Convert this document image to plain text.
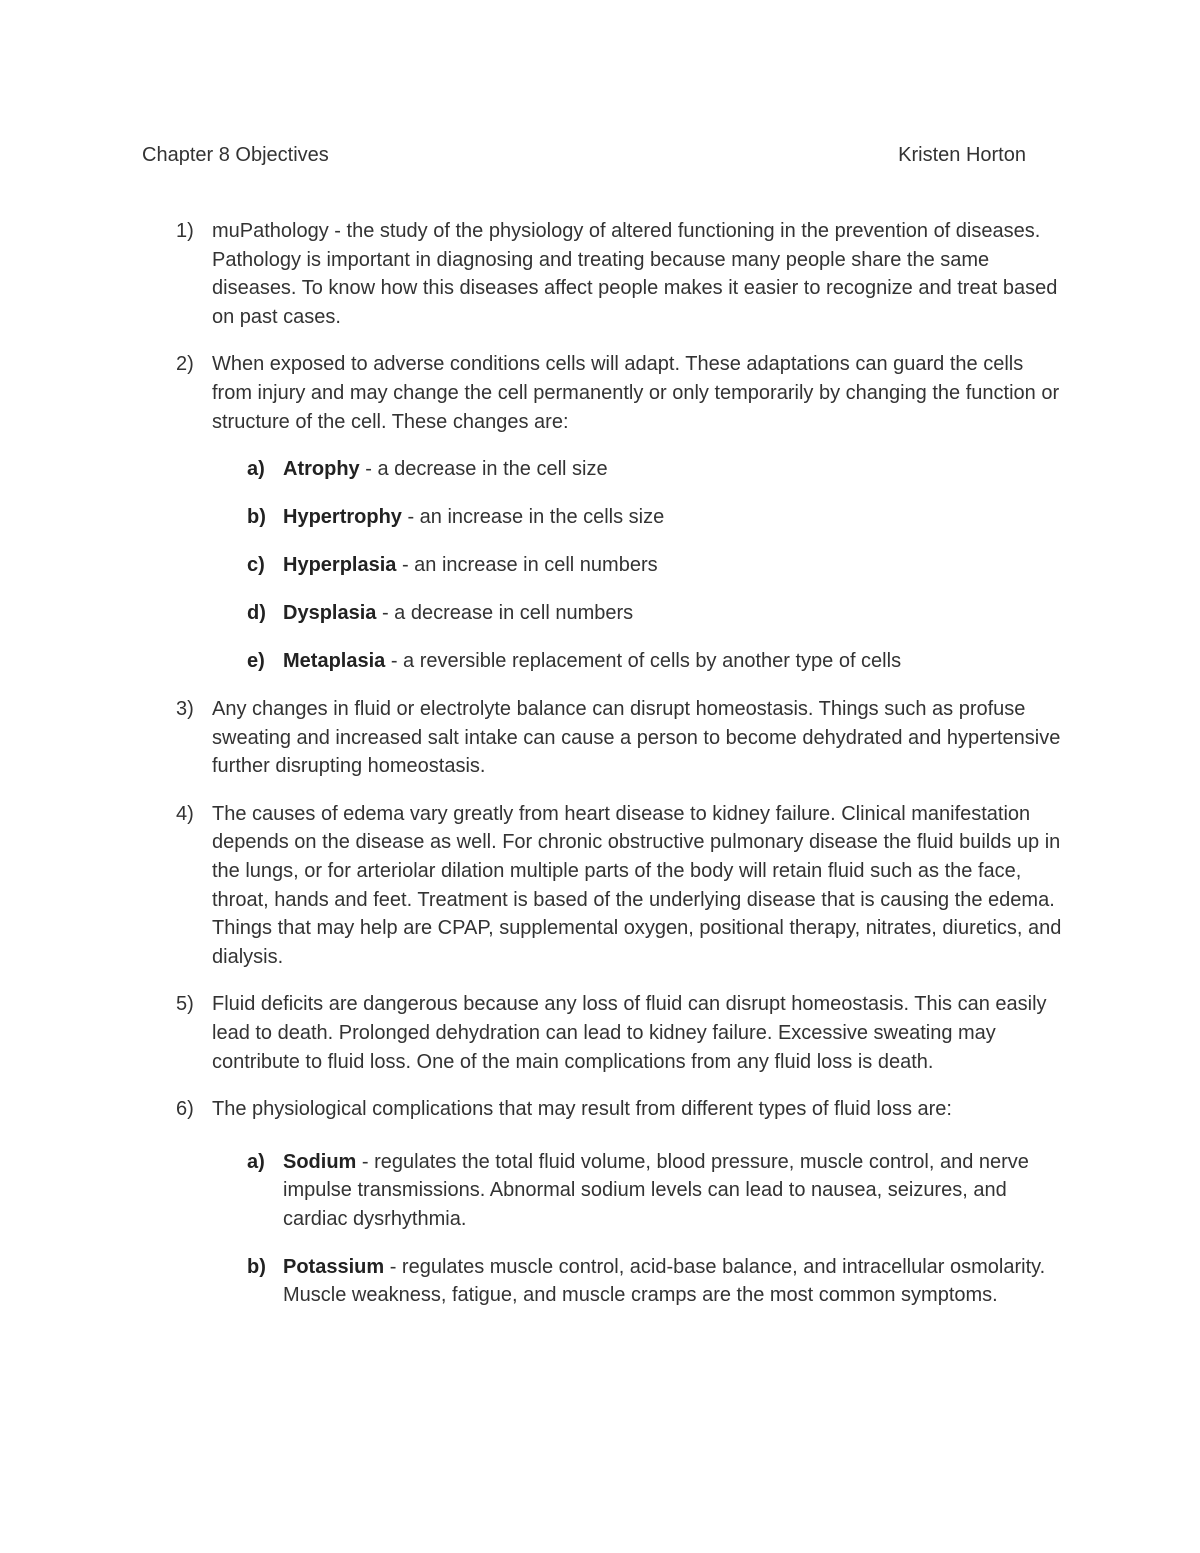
Chapter 8 Objectives	Kristen Horton
1) muPathology - the study of the physiology of altered functioning in the prevention of diseases. Pathology is important in diagnosing and treating because many people share the same diseases. To know how this diseases affect people makes it easier to recognize and treat based on past cases.
2) When exposed to adverse conditions cells will adapt. These adaptations can guard the cells from injury and may change the cell permanently or only temporarily by changing the function or structure of the cell. These changes are:
a) Atrophy - a decrease in the cell size
b) Hypertrophy - an increase in the cells size
c) Hyperplasia - an increase in cell numbers
d) Dysplasia - a decrease in cell numbers
e) Metaplasia - a reversible replacement of cells by another type of cells
3) Any changes in fluid or electrolyte balance can disrupt homeostasis. Things such as profuse sweating and increased salt intake can cause a person to become dehydrated and hypertensive further disrupting homeostasis.
4) The causes of edema vary greatly from heart disease to kidney failure. Clinical manifestation depends on the disease as well. For chronic obstructive pulmonary disease the fluid builds up in the lungs, or for arteriolar dilation multiple parts of the body will retain fluid such as the face, throat, hands and feet. Treatment is based of the underlying disease that is causing the edema. Things that may help are CPAP, supplemental oxygen, positional therapy, nitrates, diuretics, and dialysis.
5) Fluid deficits are dangerous because any loss of fluid can disrupt homeostasis. This can easily lead to death. Prolonged dehydration can lead to kidney failure. Excessive sweating may contribute to fluid loss. One of the main complications from any fluid loss is death.
6) The physiological complications that may result from different types of fluid loss are:
a) Sodium - regulates the total fluid volume, blood pressure, muscle control, and nerve impulse transmissions. Abnormal sodium levels can lead to nausea, seizures, and cardiac dysrhythmia.
b) Potassium - regulates muscle control, acid-base balance, and intracellular osmolarity. Muscle weakness, fatigue, and muscle cramps are the most common symptoms.
